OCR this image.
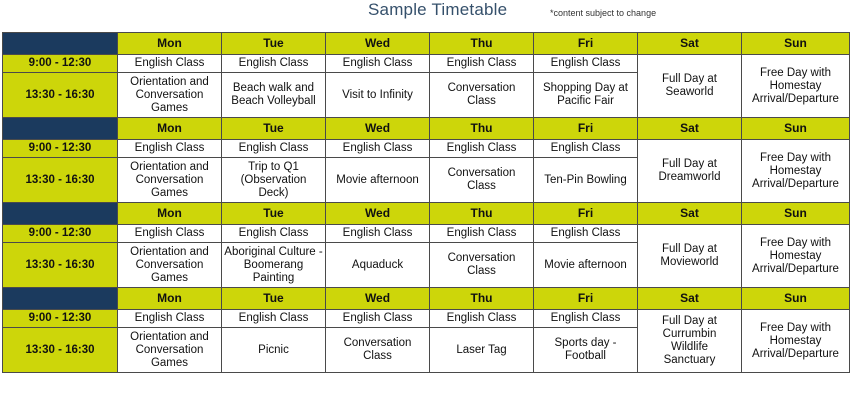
Sample Timetable	*content subject to change
	Mon	Tue	Wed	Thu	Fri	Sat	Sun
9:00 - 12:30	English Class	English Class	English Class	English Class	English Class	Full Day at Seaworld	Free Day with Homestay Arrival/Departure
13:30 - 16:30	Orientation and Conversation Games	Beach walk and Beach Volleyball	Visit to Infinity	Conversation Class	Shopping Day at Pacific Fair		
	Mon	Tue	Wed	Thu	Fri	Sat	Sun
9:00 - 12:30	English Class	English Class	English Class	English Class	English Class	Full Day at Dreamworld	Free Day with Homestay Arrival/Departure
13:30 - 16:30	Orientation and Conversation Games	Trip to Q1 (Observation Deck)	Movie afternoon	Conversation Class	Ten-Pin Bowling		
	Mon	Tue	Wed	Thu	Fri	Sat	Sun
9:00 - 12:30	English Class	English Class	English Class	English Class	English Class	Full Day at Movieworld	Free Day with Homestay Arrival/Departure
13:30 - 16:30	Orientation and Conversation Games	Aboriginal Culture - Boomerang Painting	Aquaduck	Conversation Class	Movie afternoon		
	Mon	Tue	Wed	Thu	Fri	Sat	Sun
9:00 - 12:30	English Class	English Class	English Class	English Class	English Class	Full Day at Currumbin Wildlife Sanctuary	Free Day with Homestay Arrival/Departure
13:30 - 16:30	Orientation and Conversation Games	Picnic	Conversation Class	Laser Tag	Sports day - Football		
